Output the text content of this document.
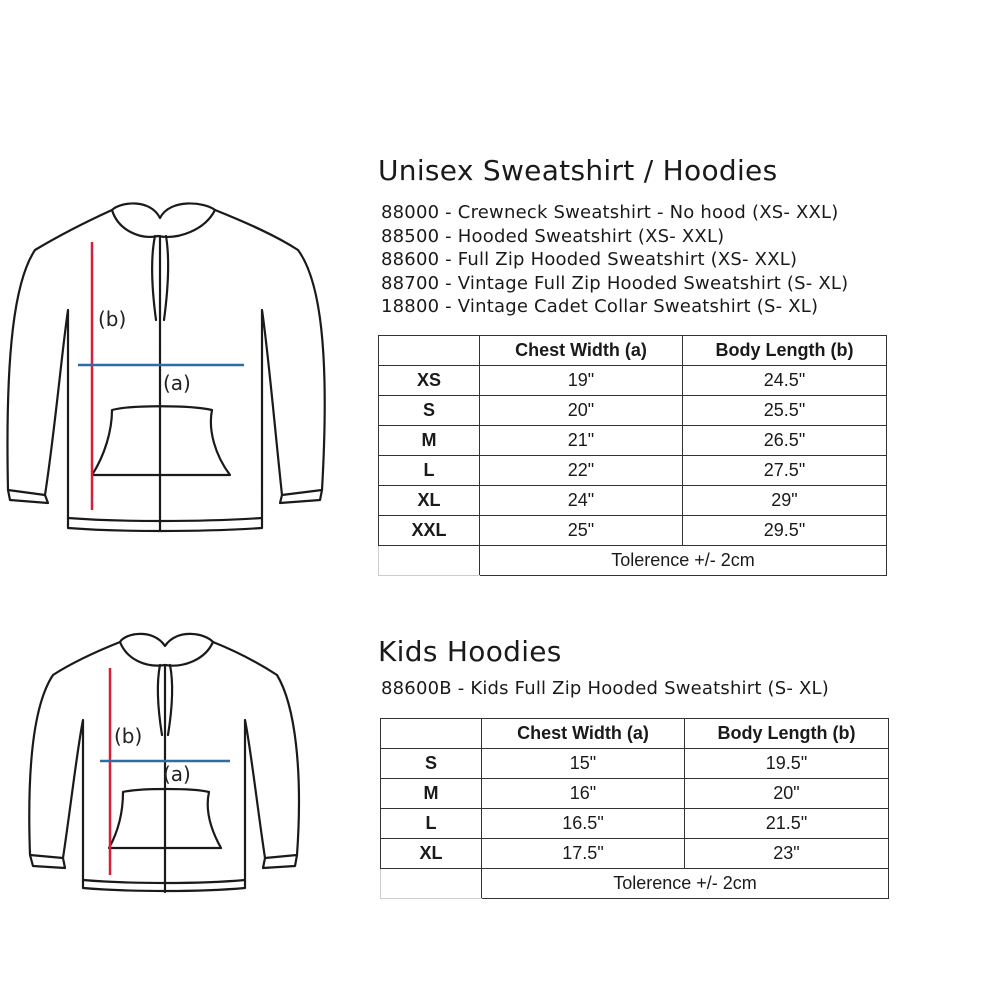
(b)
(a)
Unisex Sweatshirt / Hoodies
88000 - Crewneck Sweatshirt - No hood (XS- XXL)
88500 - Hooded Sweatshirt (XS- XXL)
88600 - Full Zip Hooded Sweatshirt (XS- XXL)
88700 - Vintage Full Zip Hooded Sweatshirt (S- XL)
18800 - Vintage Cadet Collar Sweatshirt (S- XL)
	Chest Width (a)	Body Length (b)
XS	19"	24.5"
S	20"	25.5"
M	21"	26.5"
L	22"	27.5"
XL	24"	29"
XXL	25"	29.5"
	Tolerence +/- 2cm	
(b)
(a)
Kids Hoodies
88600B - Kids Full Zip Hooded Sweatshirt (S- XL)
	Chest Width (a)	Body Length (b)
S	15"	19.5"
M	16"	20"
L	16.5"	21.5"
XL	17.5"	23"
	Tolerence +/- 2cm	
